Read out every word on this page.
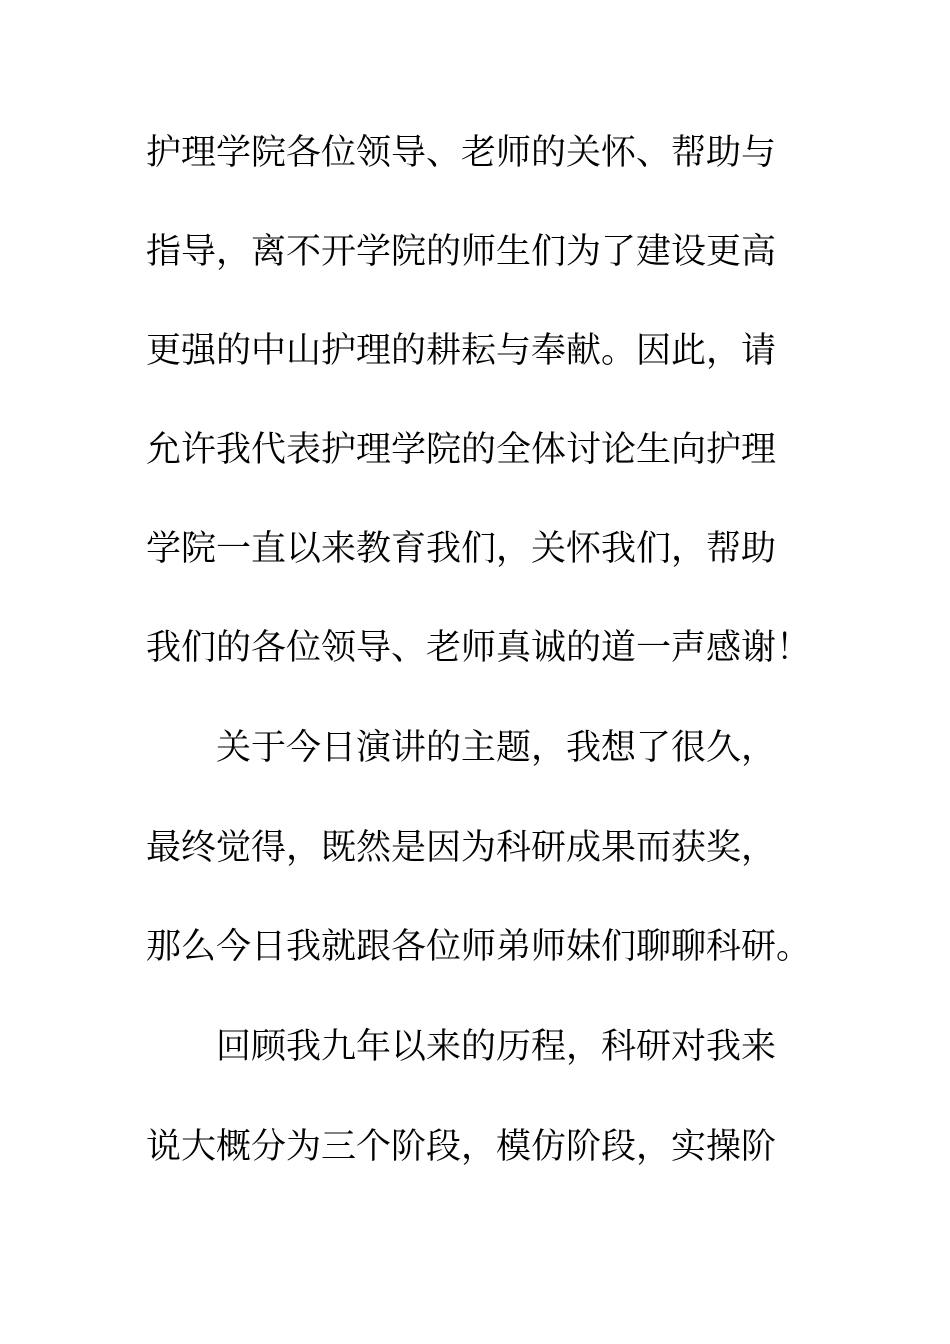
护理学院各位领导、老师的关怀、帮助与
指导，离不开学院的师生们为了建设更高
更强的中山护理的耕耘与奉献。因此，请
允许我代表护理学院的全体讨论生向护理
学院一直以来教育我们，关怀我们，帮助
我们的各位领导、老师真诚的道一声感谢！
关于今日演讲的主题，我想了很久，
最终觉得，既然是因为科研成果而获奖，
那么今日我就跟各位师弟师妹们聊聊科研。
回顾我九年以来的历程，科研对我来
说大概分为三个阶段，模仿阶段，实操阶
